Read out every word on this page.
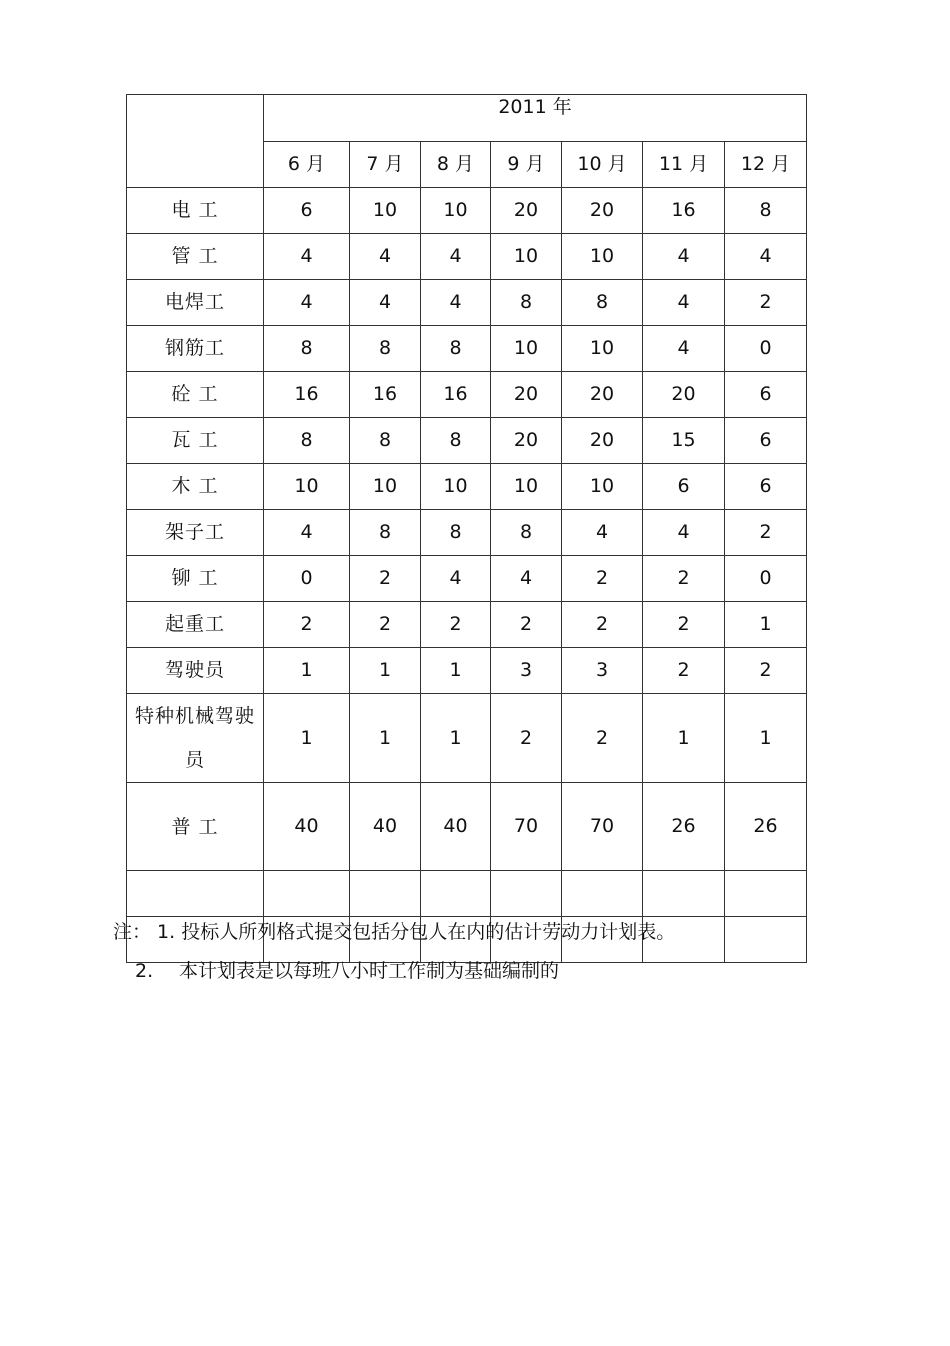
	2011 年						
	6 月	7 月	8 月	9 月	10 月	11 月	12 月
电 工	6	10	10	20	20	16	8
管 工	4	4	4	10	10	4	4
电焊工	4	4	4	8	8	4	2
钢筋工	8	8	8	10	10	4	0
砼 工	16	16	16	20	20	20	6
瓦 工	8	8	8	20	20	15	6
木 工	10	10	10	10	10	6	6
架子工	4	8	8	8	4	4	2
铆 工	0	2	4	4	2	2	0
起重工	2	2	2	2	2	2	1
驾驶员	1	1	1	3	3	2	2
特种机械驾驶员	1	1	1	2	2	1	1
普 工	40	40	40	70	70	26	26

注： 1. 投标人所列格式提交包括分包人在内的估计劳动力计划表。
2. 本计划表是以每班八小时工作制为基础编制的
